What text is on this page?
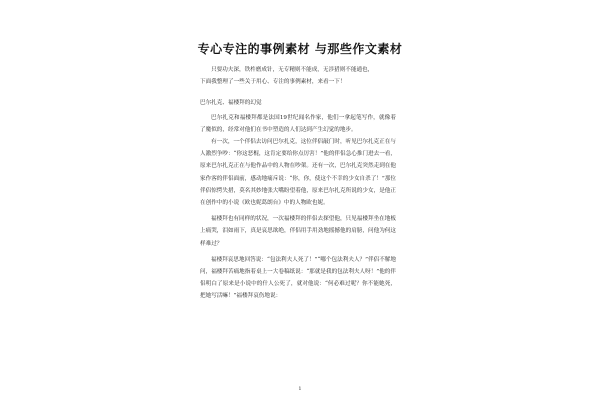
专心专注的事例素材 与那些作文素材

只要功夫深，铁杵磨成针，无专精则不能成，无涉猎则不能通也，

下面我整理了一些关于用心、专注的事例素材，来看一下！

巴尔扎克、福楼拜的幻觉

巴尔扎克和福楼拜都是法国19世纪闻名作家，他们一拿起笔写作，就像着了魔似的，经常对他们在书中塑造的人们达到产生幻觉的地步。

有一次，一个伴侣去访问巴尔扎克，这位伴侣敲门时，听见巴尔扎克正在与人激烈争吵：“你这恶棍，这肯定要给你点厉害！”他的伴侣急心推门进去一看，原来巴尔扎克正在与他作品中的人物在吵架。还有一次，巴尔扎克突然走到在他家作客的伴侣面前，感动地痛斥说：“你，你，使这个不幸的少女自杀了！”那位伴侣惊愕失措，莫名其妙地张大嘴盼望着他，原来巴尔扎克所说的少女，是他正在创作中的小说《欧也妮葛朗台》中的人物欧也妮。

福楼拜也有同样的状况，一次福楼拜的伴侣去探望他，只见福楼拜坐在地板上痛哭，泪如雨下，真是哀思欲绝，伴侣用手用劲地摇撼他的肩膀，问他为何这样难过？

福楼拜哀思地回答说：“包法利夫人死了！”“哪个包法利夫人？”伴侣不解地问，福楼拜苦痛地指着桌上一大卷稿纸说：“那就是我的包法利夫人呀！”他的伴侣明白了原来是小说中的什人公死了，就对他说：“何必难过呢？你不能她死，把她写活嘛！”福楼拜哀伤地说：

1
